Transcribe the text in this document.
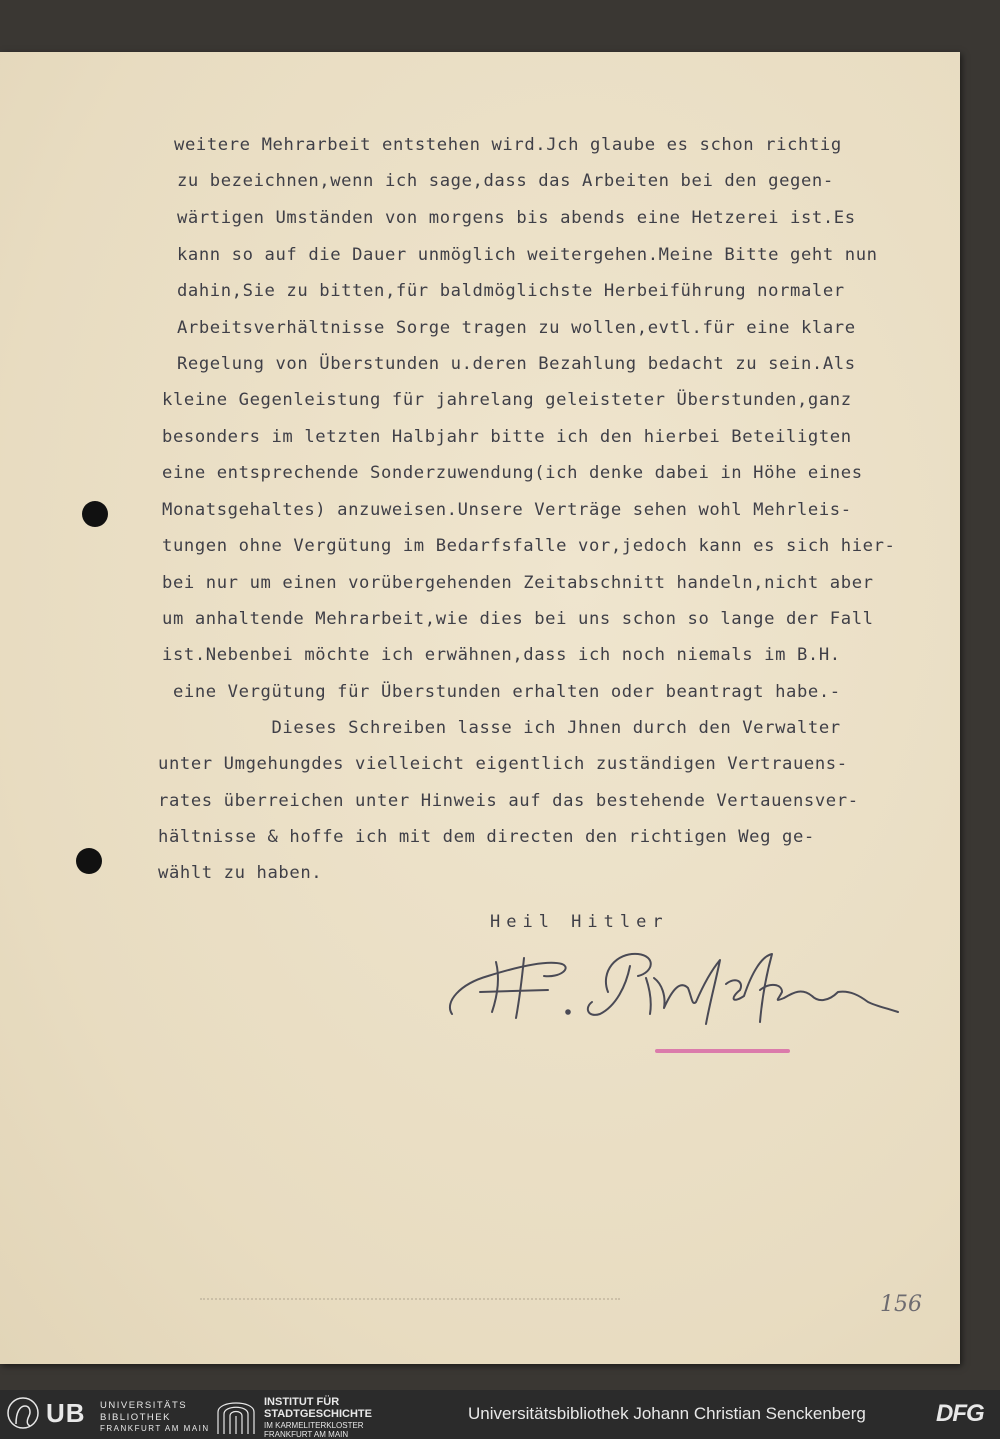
weitere Mehrarbeit entstehen wird.Jch glaube es schon richtig
zu bezeichnen,wenn ich sage,dass das Arbeiten bei den gegen-
wärtigen Umständen von morgens bis abends eine Hetzerei ist.Es
kann so auf die Dauer unmöglich weitergehen.Meine Bitte geht nun
dahin,Sie zu bitten,für baldmöglichste Herbeiführung normaler
Arbeitsverhältnisse Sorge tragen zu wollen,evtl.für eine klare
Regelung von Überstunden u.deren Bezahlung bedacht zu sein.Als
kleine Gegenleistung für jahrelang geleisteter Überstunden,ganz
besonders im letzten Halbjahr bitte ich den hierbei Beteiligten
eine entsprechende Sonderzuwendung(ich denke dabei in Höhe eines
Monatsgehaltes) anzuweisen.Unsere Verträge sehen wohl Mehrleis-
tungen ohne Vergütung im Bedarfsfalle vor,jedoch kann es sich hier-
bei nur um einen vorübergehenden Zeitabschnitt handeln,nicht aber
um anhaltende Mehrarbeit,wie dies bei uns schon so lange der Fall
ist.Nebenbei möchte ich erwähnen,dass ich noch niemals im B.H.
eine Vergütung für Überstunden erhalten oder beantragt habe.-
Dieses Schreiben lasse ich Jhnen durch den Verwalter
unter Umgehungdes vielleicht eigentlich zuständigen Vertrauens-
rates überreichen unter Hinweis auf das bestehende Vertauensver-
hältnisse & hoffe ich mit dem directen den richtigen Weg ge-
wählt zu haben.
Heil Hitler
156
UB UNIVERSITÄTS
BIBLIOTHEK
FRANKFURT AM MAIN
INSTITUT FÜR
STADTGESCHICHTE
IM KARMELITERKLOSTER
FRANKFURT AM MAIN
Universitätsbibliothek Johann Christian Senckenberg	DFG
